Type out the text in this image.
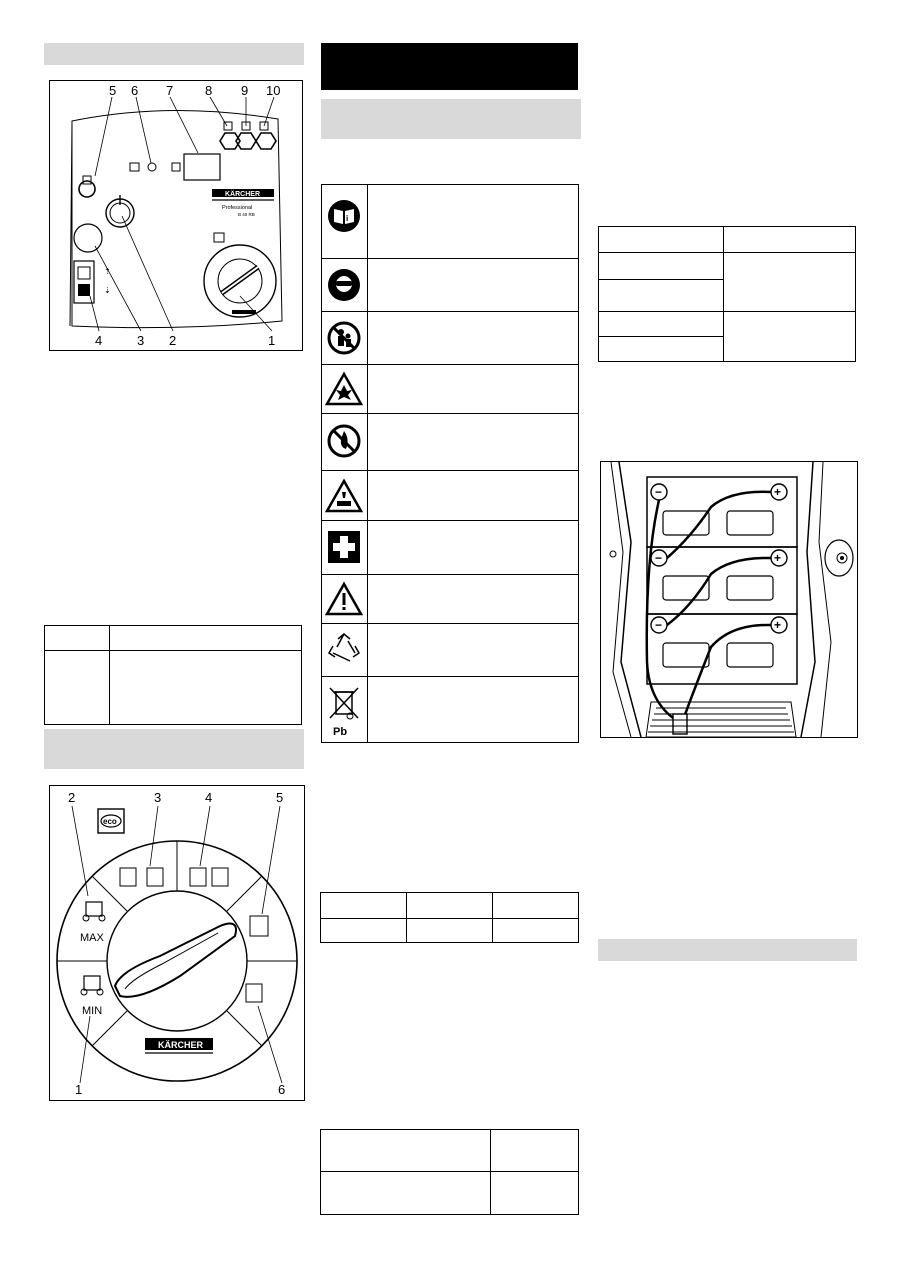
⇡
⇣
KÄRCHER
Professional
B 40 RB
5 6 7 8 9 10
4	3 2	1
eco
MAX
MIN
KÄRCHER
2	3	4	5
1	6
i
Pb
−	+
−	+
−	+
